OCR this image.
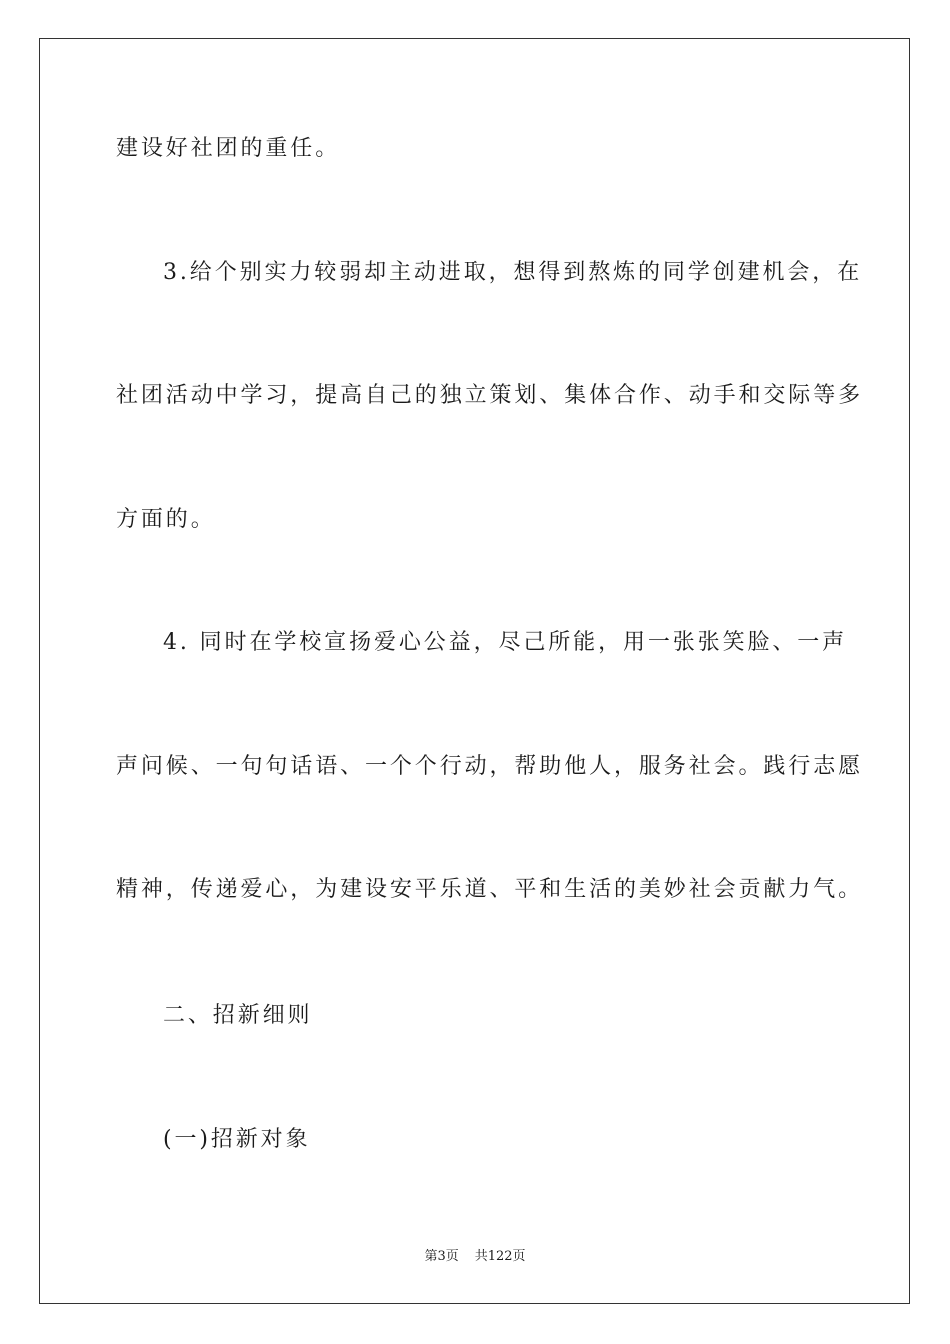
建设好社团的重任。
3.给个别实力较弱却主动进取，想得到熬炼的同学创建机会，在
社团活动中学习，提高自己的独立策划、集体合作、动手和交际等多
方面的。
4. 同时在学校宣扬爱心公益，尽己所能，用一张张笑脸、一声
声问候、一句句话语、一个个行动，帮助他人，服务社会。践行志愿
精神，传递爱心，为建设安平乐道、平和生活的美妙社会贡献力气。
二、招新细则
(一)招新对象
第3页 共122页
